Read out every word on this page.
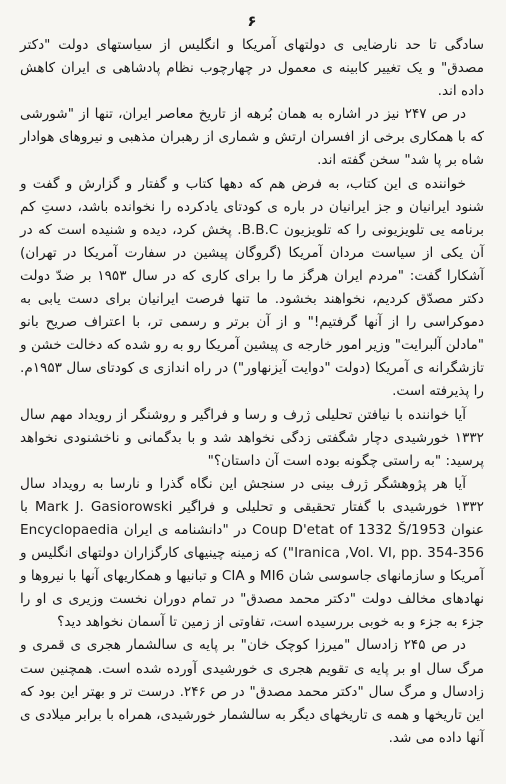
۶

سادگی تا حد نارضایی ی دولتهای آمریکا و انگلیس از سیاستهای دولت "دکتر مصدق" و یک تغییر کابینه ی معمول در چهارچوب نظام پادشاهی ی ایران کاهش داده اند.

در ص ۲۴۷ نیز در اشاره به همان بُرهه از تاریخ معاصر ایران، تنها از "شورشی که با همکاری برخی از افسران ارتش و شماری از رهبران مذهبی و نیروهای هوادار شاه بر پا شد" سخن گفته اند.

خواننده ی این کتاب، به فرض هم که دهها کتاب و گفتار و گزارش و گفت و شنود ایرانیان و جز ایرانیان در باره ی کودتای یادکرده را نخوانده باشد، دستِ کم برنامه یی تلویزیونی را که تلویزیون B.B.C. پخش کرد، دیده و شنیده است که در آن یکی از سیاست مردان آمریکا (گروگان پیشین در سفارت آمریکا در تهران) آشکارا گفت: "مردم ایران هرگز ما را برای کاری که در سال ۱۹۵۳ بر ضدّ دولت دکتر مصدّق کردیم، نخواهند بخشود. ما تنها فرصت ایرانیان برای دست یابی به دموکراسی را از آنها گرفتیم!" و از آن برتر و رسمی تر، با اعتراف صریح بانو "مادلن آلبرایت" وزیر امور خارجه ی پیشین آمریکا رو به رو شده که دخالت خشن و تازشگرانه ی آمریکا (دولت "دوایت آیزنهاور") در راه اندازی ی کودتای سال ۱۹۵۳م. را پذیرفته است.

آیا خواننده با نیافتن تحلیلی ژرف و رسا و فراگیر و روشنگر از رویداد مهم سال ۱۳۳۲ خورشیدی دچار شگفتی زدگی نخواهد شد و با بدگمانی و ناخشنودی نخواهد پرسید: "به راستی چگونه بوده است آن داستان؟"

آیا هر پژوهشگر ژرف بینی در سنجش این نگاه گذرا و نارسا به رویداد سال ۱۳۳۲ خورشیدی با گفتار تحقیقی و تحلیلی و فراگیر Mark J. Gasiorowski با عنوان Coup D'etat of 1332 Š/1953 در "دانشنامه ی ایران Encyclopaedia Iranica ,Vol. VI, pp. 354-356") که زمینه چینیهای کارگزاران دولتهای انگلیس و آمریکا و سازمانهای جاسوسی شان MI6 و CIA و تبانیها و همکاریهای آنها با نیروها و نهادهای مخالف دولت "دکتر محمد مصدق" در تمام دوران نخست وزیری ی او را جزء به جزء و به خوبی بررسیده است، تفاوتی از زمین تا آسمان نخواهد دید؟

در ص ۲۴۵ زادسال "میرزا کوچک خان" بر پایه ی سالشمار هجری ی قمری و مرگ سال او بر پایه ی تقویم هجری ی خورشیدی آورده شده است. همچنین ست زادسال و مرگ سال "دکتر محمد مصدق" در ص ۲۴۶. درست تر و بهتر این بود که این تاریخها و همه ی تاریخهای دیگر به سالشمار خورشیدی، همراه با برابر میلادی ی آنها داده می شد.
